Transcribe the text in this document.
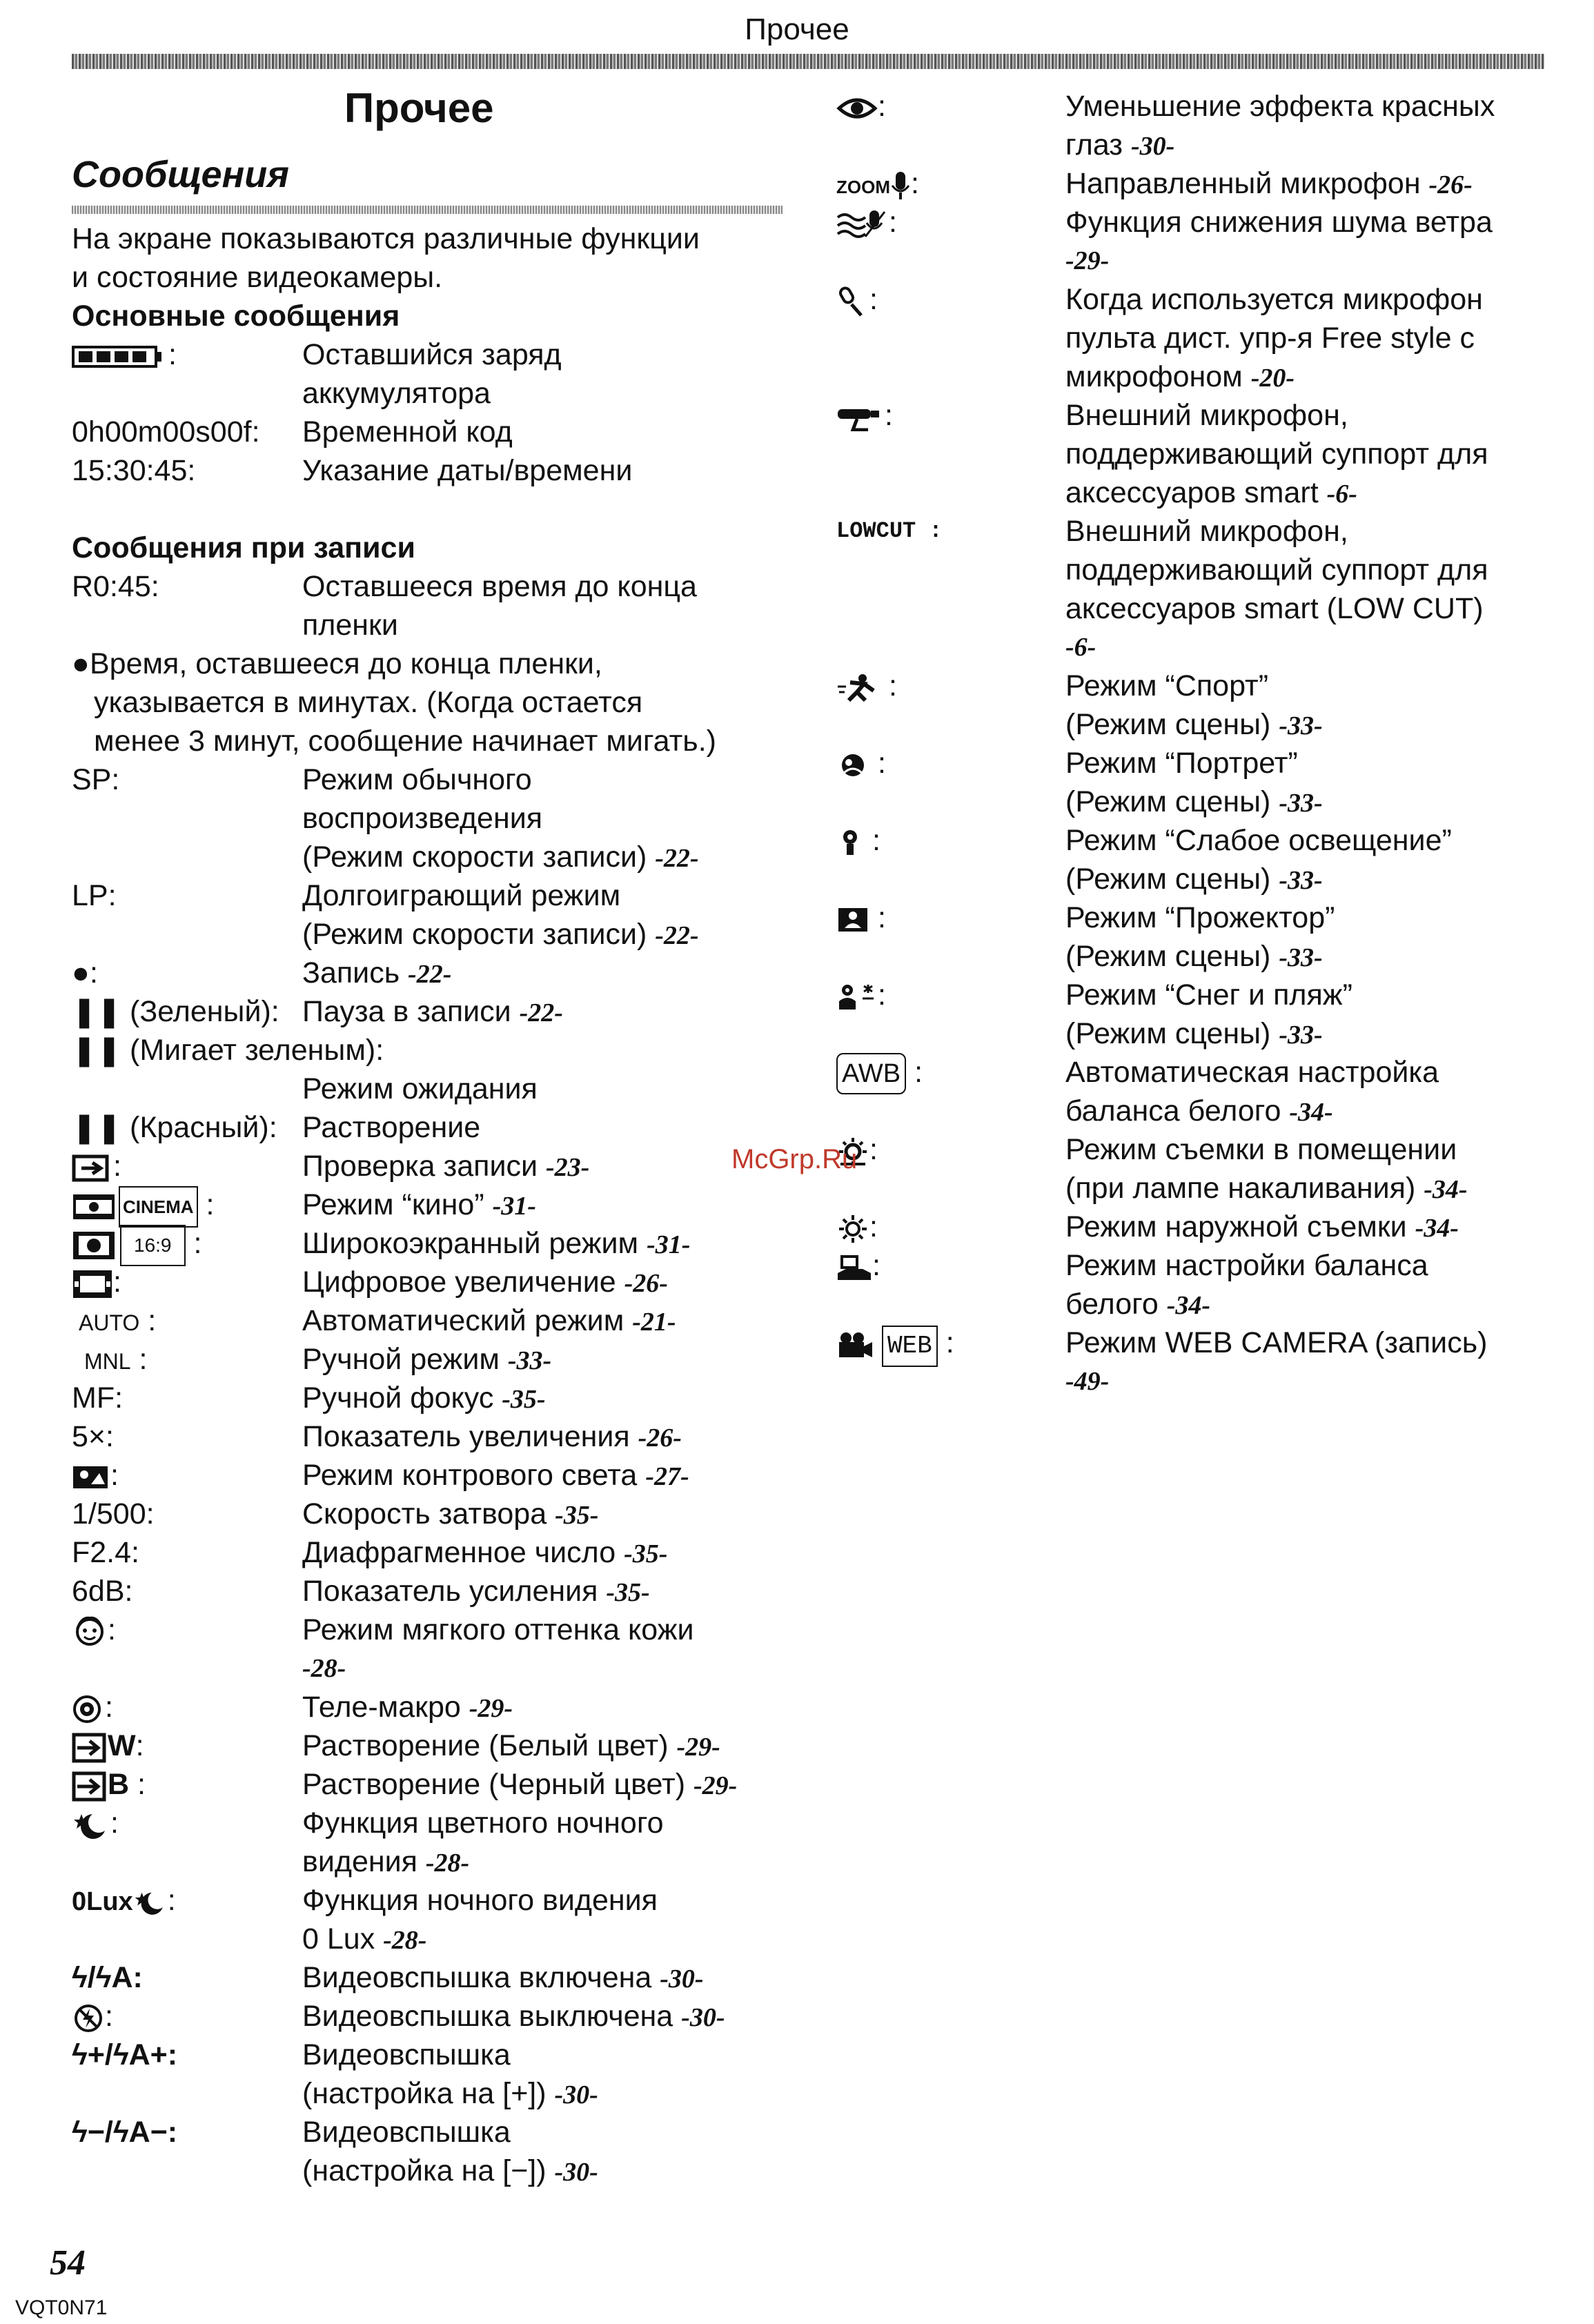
Прочее
Прочее
Сообщения
На экране показываются различные функции
и состояние видеокамеры.
Основные сообщения
:	Оставшийся заряд
аккумулятора
0h00m00s00f: Временной код
15:30:45:	Указание даты/времени
Сообщения при записи
R0:45:	Оставшееся время до конца
пленки
●Время, оставшееся до конца пленки,
указывается в минутах. (Когда остается
менее 3 минут, сообщение начинает мигать.)
SP:	Режим обычного
воспроизведения
(Режим скорости записи) -22-
LP:	Долгоиграющий режим
(Режим скорости записи) -22-
●:	Запись -22-
❚❚ (Зеленый): Пауза в записи -22-
❚❚ (Мигает зеленым):
Режим ожидания
❚❚ (Красный): Растворение
:	Проверка записи -23-
CINEMA :	Режим “кино” -31-
16:9 :	Широкоэкранный режим -31-
:	Цифровое увеличение -26-
AUTO :	Автоматический режим -21-
MNL :	Ручной режим -33-
MF:	Ручной фокус -35-
5×:	Показатель увеличения -26-
:	Режим контрового света -27-
1/500:	Скорость затвора -35-
F2.4:	Диафрагменное число -35-
6dB:	Показатель усиления -35-
:	Режим мягкого оттенка кожи
-28-
:	Теле-макро -29-
W:	Растворение (Белый цвет) -29-
B :	Растворение (Черный цвет) -29-
:	Функция цветного ночного
видения -28-
0Lux :	Функция ночного видения
0 Lux -28-
ϟ/ϟA:	Видеовспышка включена -30-
:	Видеовспышка выключена -30-
ϟ+/ϟA+:	Видеовспышка
(настройка на [+]) -30-
ϟ−/ϟA−:	Видеовспышка
(настройка на [−]) -30-
:	Уменьшение эффекта красных
глаз -30-
ZOOM :	Направленный микрофон -26-
:	Функция снижения шума ветра
-29-
:	Когда используется микрофон
пульта дист. упр-я Free style с
микрофоном -20-
:	Внешний микрофон,
поддерживающий суппорт для
аксессуаров smart -6-
LOWCUT :	Внешний микрофон,
поддерживающий суппорт для
аксессуаров smart (LOW CUT)
-6-
:	Режим “Спорт”
(Режим сцены) -33-
:	Режим “Портрет”
(Режим сцены) -33-
:	Режим “Слабое освещение”
(Режим сцены) -33-
:	Режим “Прожектор”
(Режим сцены) -33-
:	Режим “Снег и пляж”
(Режим сцены) -33-
AWB :	Автоматическая настройка
баланса белого -34-
:	Режим съемки в помещении
(при лампе накаливания) -34-
:	Режим наружной съемки -34-
:	Режим настройки баланса
белого -34-
WEB :	Режим WEB CAMERA (запись)
-49-
McGrp.Ru
54
VQT0N71
